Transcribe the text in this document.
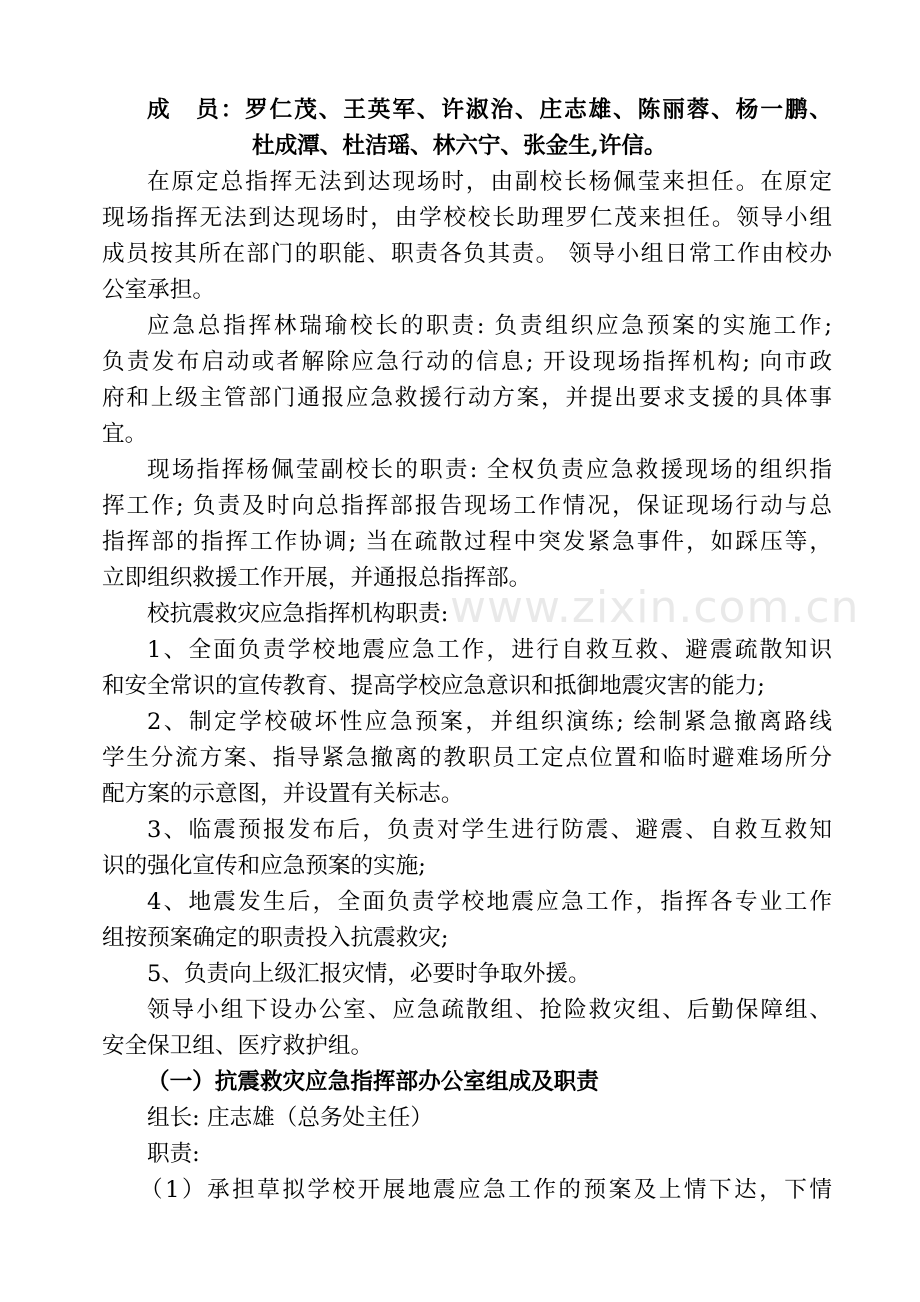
www.zixin.com.cn
成　员：罗仁茂、王英军、许淑治、庄志雄、陈丽蓉、杨一鹏、
杜成潭、杜洁瑶、林六宁、张金生,许信。
在原定总指挥无法到达现场时，由副校长杨佩莹来担任。在原定
现场指挥无法到达现场时，由学校校长助理罗仁茂来担任。领导小组
成员按其所在部门的职能、职责各负其责。 领导小组日常工作由校办
公室承担。
应急总指挥林瑞瑜校长的职责: 负责组织应急预案的实施工作;
负责发布启动或者解除应急行动的信息; 开设现场指挥机构; 向市政
府和上级主管部门通报应急救援行动方案，并提出要求支援的具体事
宜。
现场指挥杨佩莹副校长的职责: 全权负责应急救援现场的组织指
挥工作; 负责及时向总指挥部报告现场工作情况，保证现场行动与总
指挥部的指挥工作协调; 当在疏散过程中突发紧急事件，如踩压等，
立即组织救援工作开展，并通报总指挥部。
校抗震救灾应急指挥机构职责:
1、全面负责学校地震应急工作，进行自救互救、避震疏散知识
和安全常识的宣传教育、提高学校应急意识和抵御地震灾害的能力;
2、制定学校破坏性应急预案，并组织演练; 绘制紧急撤离路线
学生分流方案、指导紧急撤离的教职员工定点位置和临时避难场所分
配方案的示意图，并设置有关标志。
3、临震预报发布后，负责对学生进行防震、避震、自救互救知
识的强化宣传和应急预案的实施;
4、地震发生后，全面负责学校地震应急工作，指挥各专业工作
组按预案确定的职责投入抗震救灾;
5、负责向上级汇报灾情，必要时争取外援。
领导小组下设办公室、应急疏散组、抢险救灾组、后勤保障组、
安全保卫组、医疗救护组。
（一）抗震救灾应急指挥部办公室组成及职责
组长: 庄志雄（总务处主任）
职责:
（1）承担草拟学校开展地震应急工作的预案及上情下达，下情
